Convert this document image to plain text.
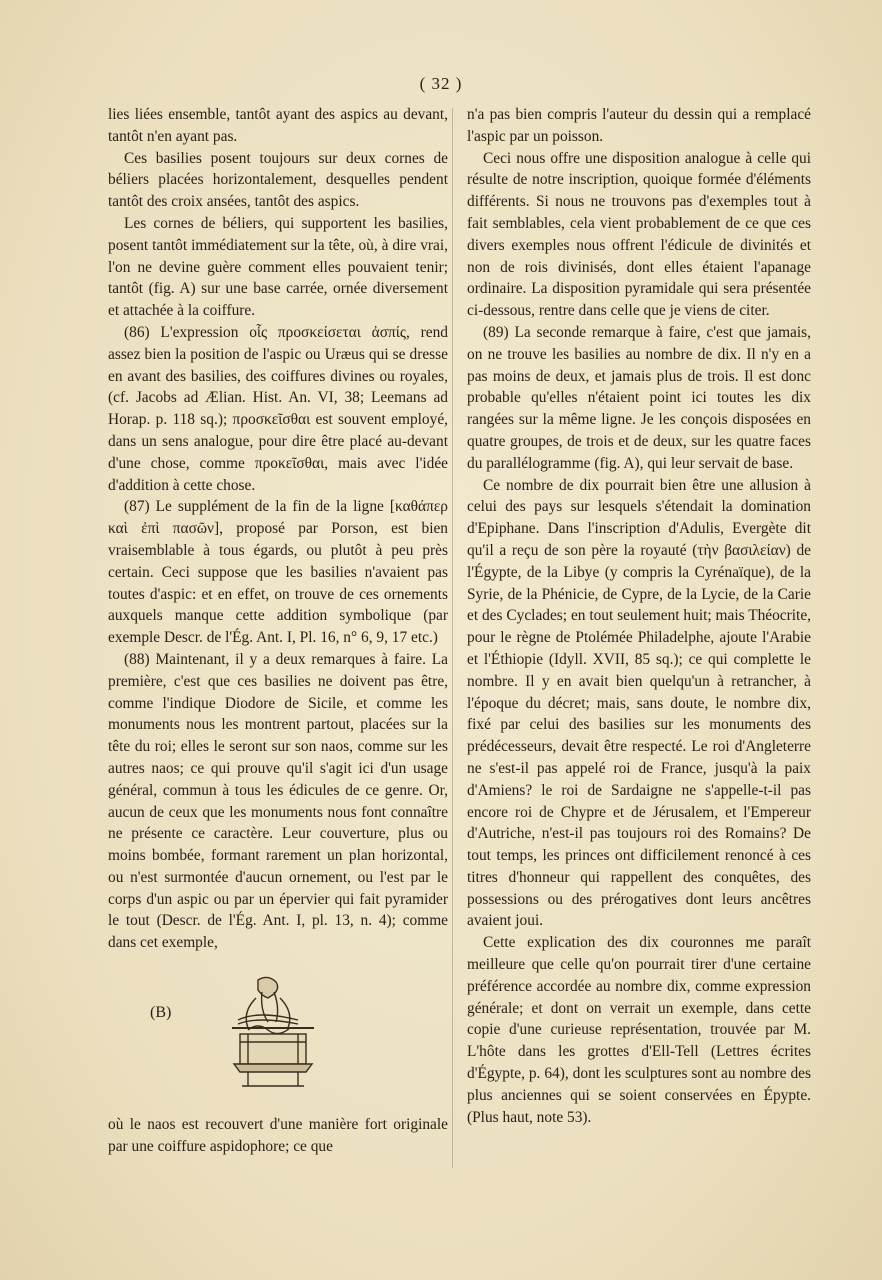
( 32 )

lies liées ensemble, tantôt ayant des aspics au devant, tantôt n'en ayant pas.

Ces basilies posent toujours sur deux cornes de béliers placées horizontalement, desquelles pendent tantôt des croix ansées, tantôt des aspics.

Les cornes de béliers, qui supportent les basilies, posent tantôt immédiatement sur la tête, où, à dire vrai, l'on ne devine guère comment elles pouvaient tenir; tantôt (fig. A) sur une base carrée, ornée diversement et attachée à la coiffure.

(86) L'expression οἷς προσκείσεται ἀσπίς, rend assez bien la position de l'aspic ou Uræus qui se dresse en avant des basilies, des coiffures divines ou royales, (cf. Jacobs ad Ælian. Hist. An. VI, 38; Leemans ad Horap. p. 118 sq.); προσκεῖσθαι est souvent employé, dans un sens analogue, pour dire être placé au-devant d'une chose, comme προκεῖσθαι, mais avec l'idée d'addition à cette chose.

(87) Le supplément de la fin de la ligne [καθάπερ καὶ ἐπὶ πασῶν], proposé par Porson, est bien vraisemblable à tous égards, ou plutôt à peu près certain. Ceci suppose que les basilies n'avaient pas toutes d'aspic: et en effet, on trouve de ces ornements auxquels manque cette addition symbolique (par exemple Descr. de l'Ég. Ant. I, Pl. 16, n° 6, 9, 17 etc.)

(88) Maintenant, il y a deux remarques à faire. La première, c'est que ces basilies ne doivent pas être, comme l'indique Diodore de Sicile, et comme les monuments nous les montrent partout, placées sur la tête du roi; elles le seront sur son naos, comme sur les autres naos; ce qui prouve qu'il s'agit ici d'un usage général, commun à tous les édicules de ce genre. Or, aucun de ceux que les monuments nous font connaître ne présente ce caractère. Leur couverture, plus ou moins bombée, formant rarement un plan horizontal, ou n'est surmontée d'aucun ornement, ou l'est par le corps d'un aspic ou par un épervier qui fait pyramider le tout (Descr. de l'Ég. Ant. I, pl. 13, n. 4); comme dans cet exemple,

(B)

où le naos est recouvert d'une manière fort originale par une coiffure aspidophore; ce que

n'a pas bien compris l'auteur du dessin qui a remplacé l'aspic par un poisson.

Ceci nous offre une disposition analogue à celle qui résulte de notre inscription, quoique formée d'éléments différents. Si nous ne trouvons pas d'exemples tout à fait semblables, cela vient probablement de ce que ces divers exemples nous offrent l'édicule de divinités et non de rois divinisés, dont elles étaient l'apanage ordinaire. La disposition pyramidale qui sera présentée ci-dessous, rentre dans celle que je viens de citer.

(89) La seconde remarque à faire, c'est que jamais, on ne trouve les basilies au nombre de dix. Il n'y en a pas moins de deux, et jamais plus de trois. Il est donc probable qu'elles n'étaient point ici toutes les dix rangées sur la même ligne. Je les conçois disposées en quatre groupes, de trois et de deux, sur les quatre faces du parallélogramme (fig. A), qui leur servait de base.

Ce nombre de dix pourrait bien être une allusion à celui des pays sur lesquels s'étendait la domination d'Epiphane. Dans l'inscription d'Adulis, Evergète dit qu'il a reçu de son père la royauté (τὴν βασιλείαν) de l'Égypte, de la Libye (y compris la Cyrénaïque), de la Syrie, de la Phénicie, de Cypre, de la Lycie, de la Carie et des Cyclades; en tout seulement huit; mais Théocrite, pour le règne de Ptolémée Philadelphe, ajoute l'Arabie et l'Éthiopie (Idyll. XVII, 85 sq.); ce qui complette le nombre. Il y en avait bien quelqu'un à retrancher, à l'époque du décret; mais, sans doute, le nombre dix, fixé par celui des basilies sur les monuments des prédécesseurs, devait être respecté. Le roi d'Angleterre ne s'est-il pas appelé roi de France, jusqu'à la paix d'Amiens? le roi de Sardaigne ne s'appelle-t-il pas encore roi de Chypre et de Jérusalem, et l'Empereur d'Autriche, n'est-il pas toujours roi des Romains? De tout temps, les princes ont difficilement renoncé à ces titres d'honneur qui rappellent des conquêtes, des possessions ou des prérogatives dont leurs ancêtres avaient joui.

Cette explication des dix couronnes me paraît meilleure que celle qu'on pourrait tirer d'une certaine préférence accordée au nombre dix, comme expression générale; et dont on verrait un exemple, dans cette copie d'une curieuse représentation, trouvée par M. L'hôte dans les grottes d'Ell-Tell (Lettres écrites d'Égypte, p. 64), dont les sculptures sont au nombre des plus anciennes qui se soient conservées en Épypte. (Plus haut, note 53).
